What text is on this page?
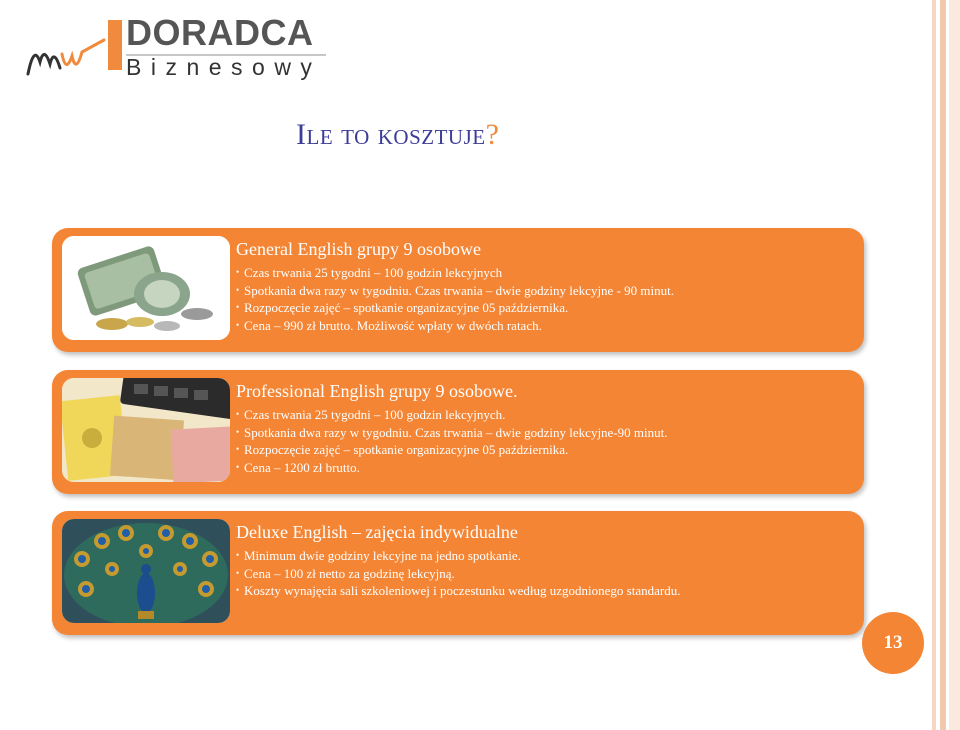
DORADCA
Biznesowy
Ile to kosztuje?
General English grupy 9 osobowe
• Czas trwania 25 tygodni – 100 godzin lekcyjnych
• Spotkania dwa razy w tygodniu. Czas trwania – dwie godziny lekcyjne - 90 minut.
• Rozpoczęcie zajęć – spotkanie organizacyjne 05 października.
• Cena – 990 zł brutto. Możliwość wpłaty w dwóch ratach.
Professional English grupy 9 osobowe.
• Czas trwania 25 tygodni – 100 godzin lekcyjnych.
• Spotkania dwa razy w tygodniu. Czas trwania – dwie godziny lekcyjne-90 minut.
• Rozpoczęcie zajęć – spotkanie organizacyjne 05 października.
• Cena – 1200 zł brutto.
Deluxe English – zajęcia indywidualne
• Minimum dwie godziny lekcyjne na jedno spotkanie.
• Cena – 100 zł netto za godzinę lekcyjną.
• Koszty wynajęcia sali szkoleniowej i poczestunku według uzgodnionego standardu.
13
